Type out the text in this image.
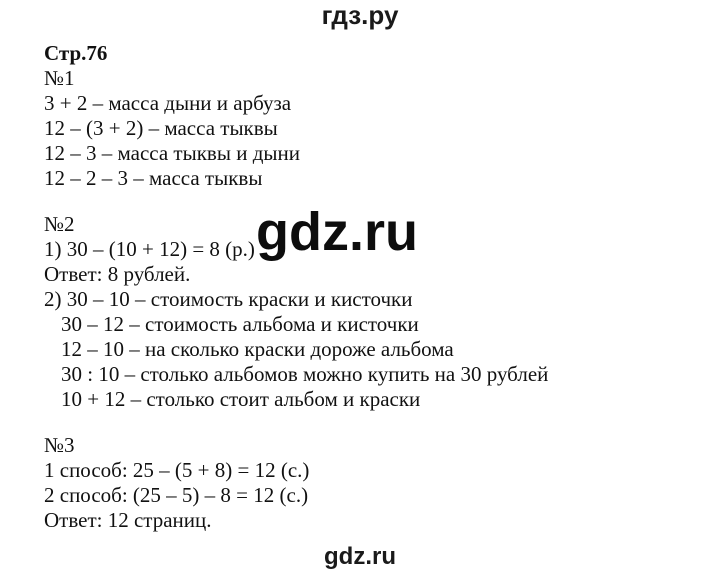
гдз.ру
Стр.76
№1
3 + 2 – масса дыни и арбуза
12 – (3 + 2) – масса тыквы
12 – 3 – масса тыквы и дыни
12 – 2 – 3 – масса тыквы
№2
1) 30 – (10 + 12) = 8 (р.)
Ответ: 8 рублей.
2) 30 – 10 – стоимость краски и кисточки
30 – 12 – стоимость альбома и кисточки
12 – 10 – на сколько краски дороже альбома
30 : 10 – столько альбомов можно купить на 30 рублей
10 + 12 – столько стоит альбом и краски
№3
1 способ: 25 – (5 + 8) = 12 (с.)
2 способ: (25 – 5) – 8 = 12 (с.)
Ответ: 12 страниц.
gdz.ru
gdz.ru
